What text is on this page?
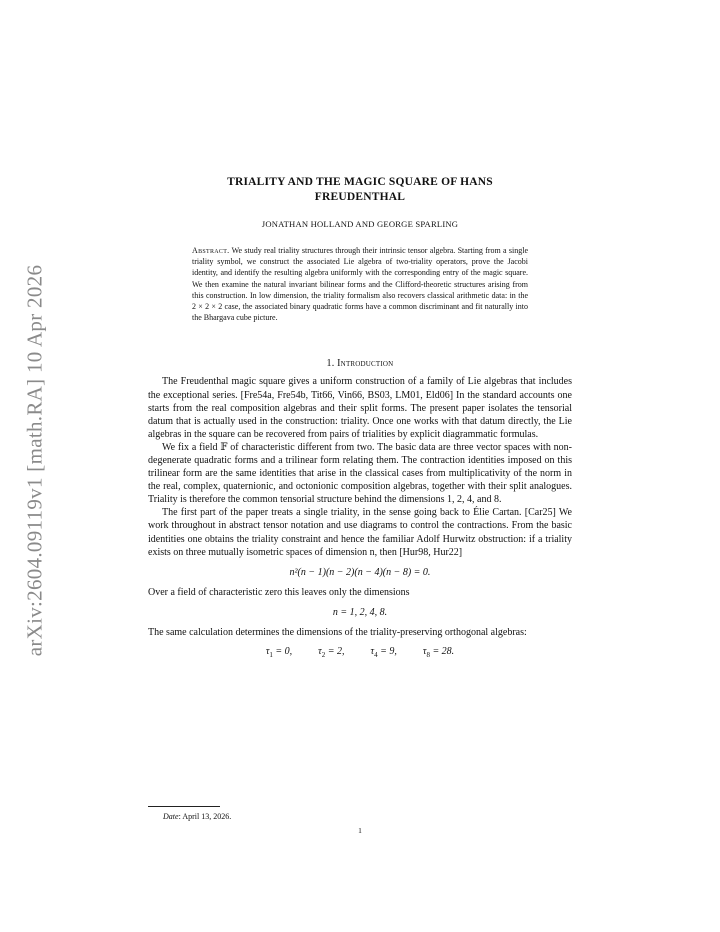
arXiv:2604.09119v1 [math.RA] 10 Apr 2026
TRIALITY AND THE MAGIC SQUARE OF HANS
FREUDENTHAL
JONATHAN HOLLAND AND GEORGE SPARLING
Abstract. We study real triality structures through their intrinsic tensor algebra. Starting from a single triality symbol, we construct the associated Lie algebra of two-triality operators, prove the Jacobi identity, and identify the resulting algebra uniformly with the corresponding entry of the magic square. We then examine the natural invariant bilinear forms and the Clifford-theoretic structures arising from this construction. In low dimension, the triality formalism also recovers classical arithmetic data: in the 2 × 2 × 2 case, the associated binary quadratic forms have a common discriminant and fit naturally into the Bhargava cube picture.
1. Introduction

The Freudenthal magic square gives a uniform construction of a family of Lie algebras that includes the exceptional series. [Fre54a, Fre54b, Tit66, Vin66, BS03, LM01, Eld06] In the standard accounts one starts from the real composition algebras and their split forms. The present paper isolates the tensorial datum that is actually used in the construction: triality. Once one works with that datum directly, the Lie algebras in the square can be recovered from pairs of trialities by explicit diagrammatic formulas.

We fix a field 𝔽 of characteristic different from two. The basic data are three vector spaces with non-degenerate quadratic forms and a trilinear form relating them. The contraction identities imposed on this trilinear form are the same identities that arise in the classical cases from multiplicativity of the norm in the real, complex, quaternionic, and octonionic composition algebras, together with their split analogues. Triality is therefore the common tensorial structure behind the dimensions 1, 2, 4, and 8.

The first part of the paper treats a single triality, in the sense going back to Élie Cartan. [Car25] We work throughout in abstract tensor notation and use diagrams to control the contractions. From the basic identities one obtains the triality constraint and hence the familiar Adolf Hurwitz obstruction: if a triality exists on three mutually isometric spaces of dimension n, then [Hur98, Hur22]

n²(n − 1)(n − 2)(n − 4)(n − 8) = 0.

Over a field of characteristic zero this leaves only the dimensions

n = 1, 2, 4, 8.

The same calculation determines the dimensions of the triality-preserving orthogonal algebras:

$\tau_1 = 0$,	$\tau_2 = 2$,	$\tau_4 = 9$,	$\tau_8 = 28$.
Date: April 13, 2026.
1
